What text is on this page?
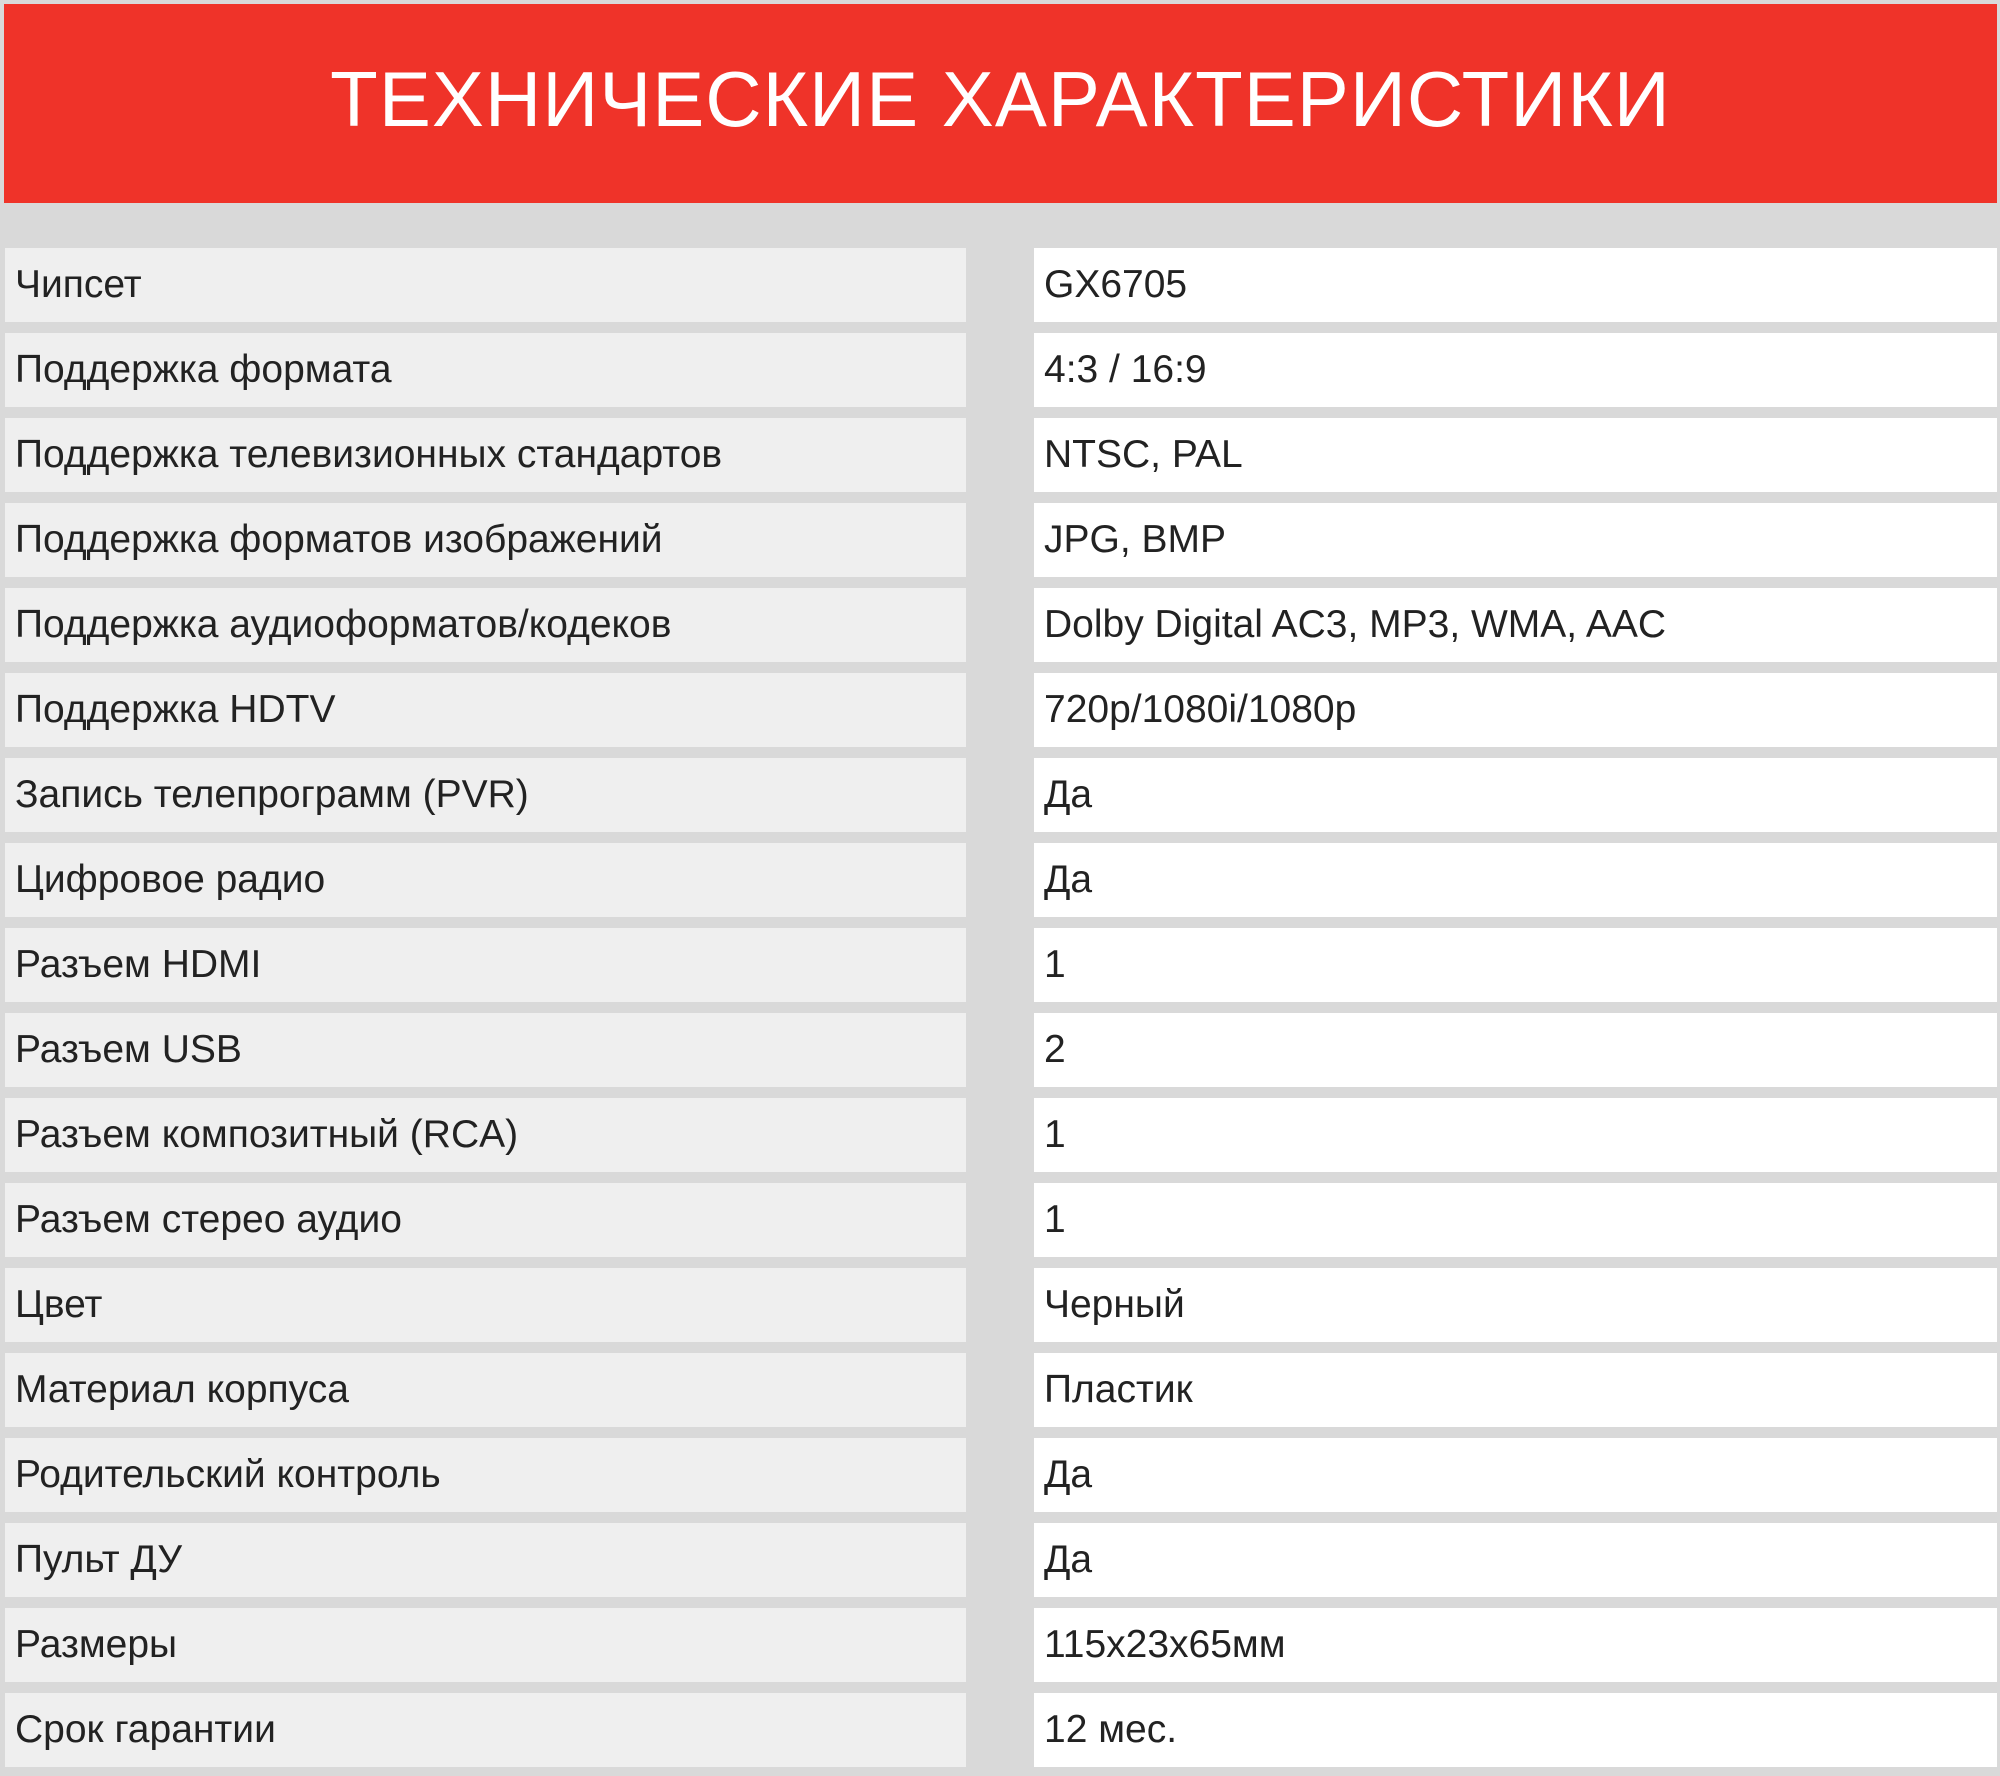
ТЕХНИЧЕСКИЕ ХАРАКТЕРИСТИКИ
Чипсет	GX6705
Поддержка формата	4:3 / 16:9
Поддержка телевизионных стандартов	NTSC, PAL
Поддержка форматов изображений	JPG, BMP
Поддержка аудиоформатов/кодеков	Dolby Digital AC3, MP3, WMA, AAC
Поддержка HDTV	720p/1080i/1080p
Запись телепрограмм (PVR)	Да
Цифровое радио	Да
Разъем HDMI	1
Разъем USB	2
Разъем композитный (RCA)	1
Разъем стерео аудио	1
Цвет	Черный
Материал корпуса	Пластик
Родительский контроль	Да
Пульт ДУ	Да
Размеры	115x23x65мм
Срок гарантии	12 мес.
